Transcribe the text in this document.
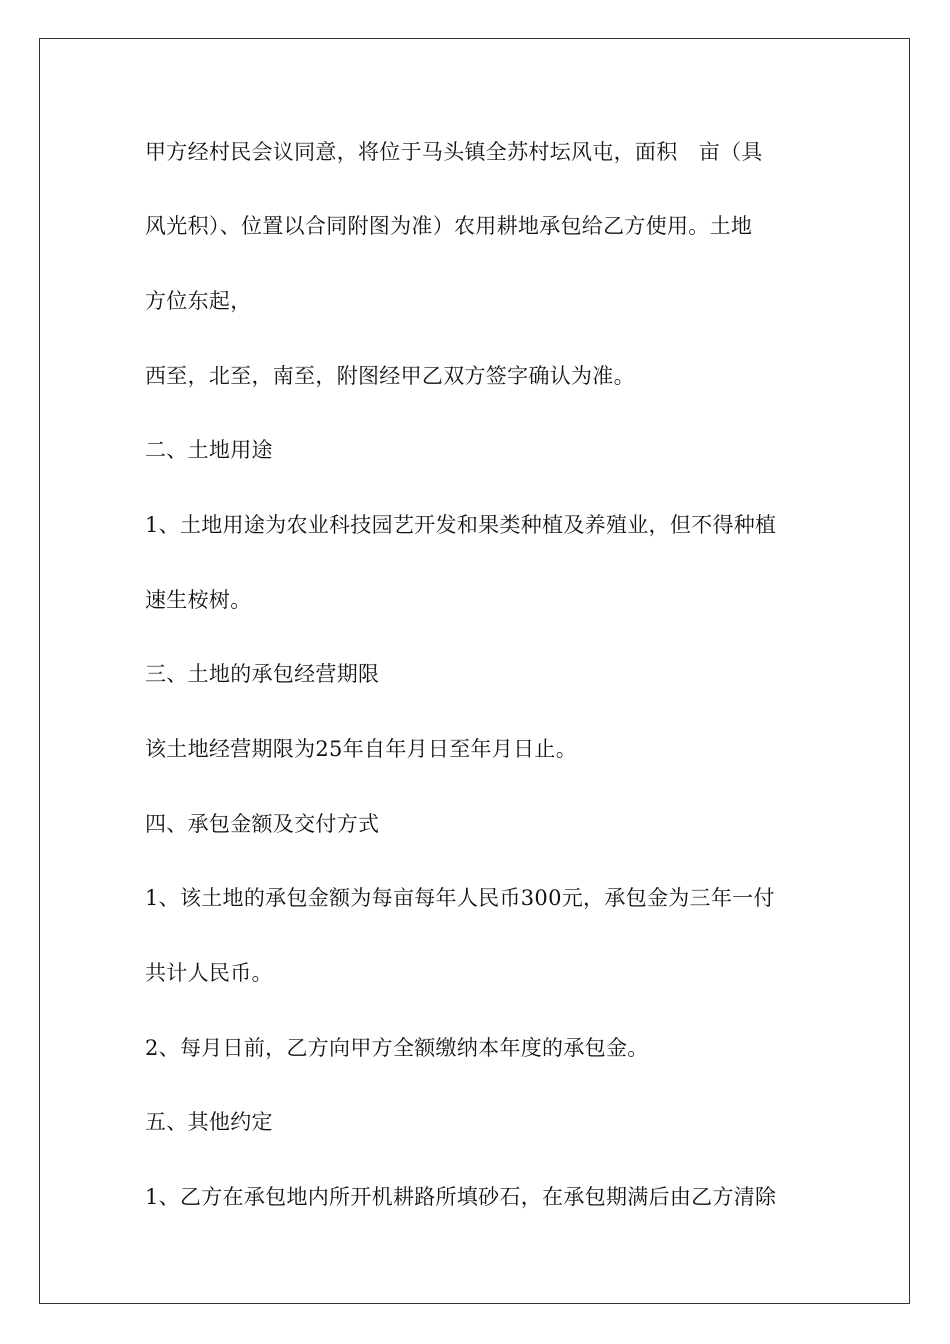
甲方经村民会议同意，将位于马头镇全苏村坛风屯，面积　亩（具

风光积）、位置以合同附图为准）农用耕地承包给乙方使用。土地

方位东起，

西至，北至，南至，附图经甲乙双方签字确认为准。

二、土地用途

1、土地用途为农业科技园艺开发和果类种植及养殖业，但不得种植

速生桉树。

三、土地的承包经营期限

该土地经营期限为25年自年月日至年月日止。

四、承包金额及交付方式

1、该土地的承包金额为每亩每年人民币300元，承包金为三年一付

共计人民币。

2、每月日前，乙方向甲方全额缴纳本年度的承包金。

五、其他约定

1、乙方在承包地内所开机耕路所填砂石，在承包期满后由乙方清除
